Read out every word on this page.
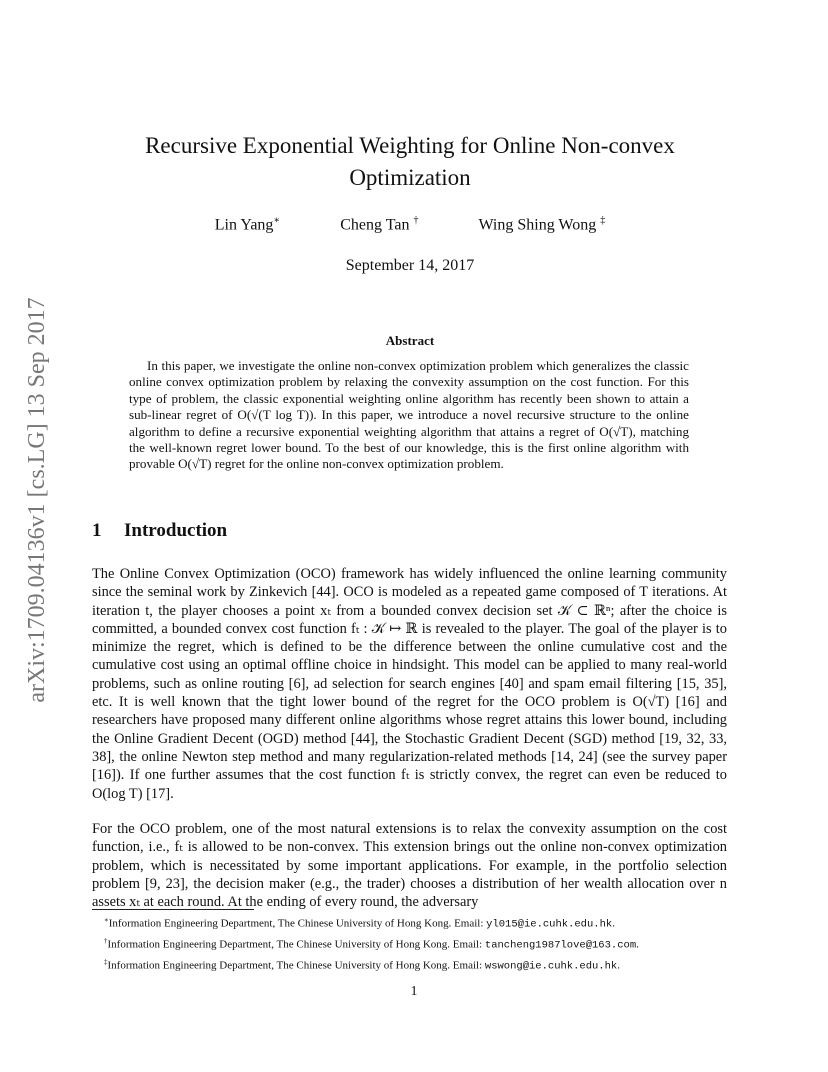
arXiv:1709.04136v1 [cs.LG] 13 Sep 2017
Recursive Exponential Weighting for Online Non-convex Optimization
Lin Yang∗	Cheng Tan †	Wing Shing Wong ‡
September 14, 2017
Abstract

In this paper, we investigate the online non-convex optimization problem which generalizes the classic online convex optimization problem by relaxing the convexity assumption on the cost function. For this type of problem, the classic exponential weighting online algorithm has recently been shown to attain a sub-linear regret of O(√(T log T)). In this paper, we introduce a novel recursive structure to the online algorithm to define a recursive exponential weighting algorithm that attains a regret of O(√T), matching the well-known regret lower bound. To the best of our knowledge, this is the first online algorithm with provable O(√T) regret for the online non-convex optimization problem.

1 Introduction

The Online Convex Optimization (OCO) framework has widely influenced the online learning community since the seminal work by Zinkevich [44]. OCO is modeled as a repeated game composed of T iterations. At iteration t, the player chooses a point xₜ from a bounded convex decision set 𝒦 ⊂ ℝⁿ; after the choice is committed, a bounded convex cost function fₜ : 𝒦 ↦ ℝ is revealed to the player. The goal of the player is to minimize the regret, which is defined to be the difference between the online cumulative cost and the cumulative cost using an optimal offline choice in hindsight. This model can be applied to many real-world problems, such as online routing [6], ad selection for search engines [40] and spam email filtering [15, 35], etc. It is well known that the tight lower bound of the regret for the OCO problem is O(√T) [16] and researchers have proposed many different online algorithms whose regret attains this lower bound, including the Online Gradient Decent (OGD) method [44], the Stochastic Gradient Decent (SGD) method [19, 32, 33, 38], the online Newton step method and many regularization-related methods [14, 24] (see the survey paper [16]). If one further assumes that the cost function fₜ is strictly convex, the regret can even be reduced to O(log T) [17].

For the OCO problem, one of the most natural extensions is to relax the convexity assumption on the cost function, i.e., fₜ is allowed to be non-convex. This extension brings out the online non-convex optimization problem, which is necessitated by some important applications. For example, in the portfolio selection problem [9, 23], the decision maker (e.g., the trader) chooses a distribution of her wealth allocation over n assets xₜ at each round. At the ending of every round, the adversary

∗Information Engineering Department, The Chinese University of Hong Kong. Email: yl015@ie.cuhk.edu.hk.
†Information Engineering Department, The Chinese University of Hong Kong. Email: tancheng1987love@163.com.
‡Information Engineering Department, The Chinese University of Hong Kong. Email: wswong@ie.cuhk.edu.hk.
1
